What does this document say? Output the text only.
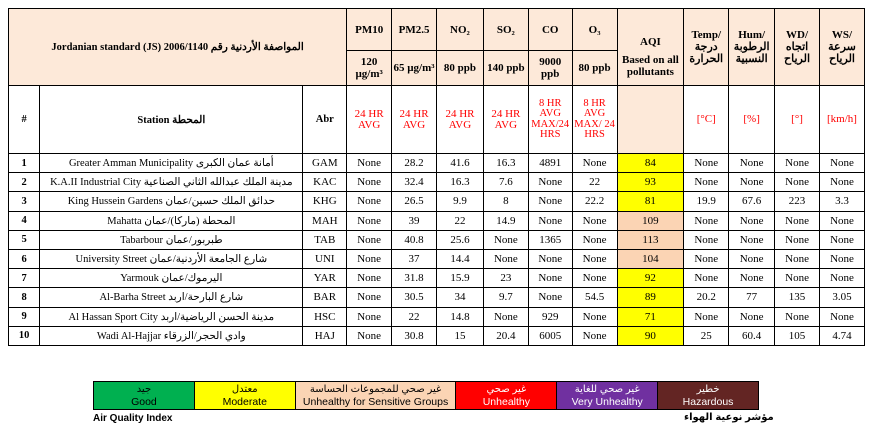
Jordanian standard (JS) 2006/1140 المواصفة الأردنية رقم			PM10	PM2.5	NO₂	SO₂	CO	O₃	AQI
Based on all pollutants	Temp/ درجة الحرارة	Hum/ الرطوبة النسبية	WD/ اتجاه الرياح	WS/ سرعة الرياح
			120 µg/m³	65 µg/m³	80 ppb	140 ppb	9000 ppb	80 ppb					
#	Station المحطة	Abr	24 HR AVG	24 HR AVG	24 HR AVG	24 HR AVG	8 HR AVG MAX/24 HRS	8 HR AVG MAX/ 24 HRS		[°C]	[%]	[°]	[km/h]
1	Greater Amman Municipality أمانة عمان الكبرى	GAM	None	28.2	41.6	16.3	4891	None	84	None	None	None	None
2	K.A.II Industrial City مدينة الملك عبدالله الثاني الصناعية	KAC	None	32.4	16.3	7.6	None	22	93	None	None	None	None
3	King Hussein Gardens حدائق الملك حسين/عمان	KHG	None	26.5	9.9	8	None	22.2	81	19.9	67.6	223	3.3
4	Mahatta المحطة (ماركا)/عمان	MAH	None	39	22	14.9	None	None	109	None	None	None	None
5	Tabarbour طبربور/عمان	TAB	None	40.8	25.6	None	1365	None	113	None	None	None	None
6	University Street شارع الجامعة الأردنية/عمان	UNI	None	37	14.4	None	None	None	104	None	None	None	None
7	Yarmouk اليرموك/عمان	YAR	None	31.8	15.9	23	None	None	92	None	None	None	None
8	Al-Barha Street شارع البارحة/اربد	BAR	None	30.5	34	9.7	None	54.5	89	20.2	77	135	3.05
9	Al Hassan Sport City مدينة الحسن الرياضية/اربد	HSC	None	22	14.8	None	929	None	71	None	None	None	None
10	Wadi Al-Hajjar وادي الحجر/الزرقاء	HAJ	None	30.8	15	20.4	6005	None	90	25	60.4	105	4.74
جيد
Good
معتدل
Moderate
غير صحي للمجموعات الحساسة
Unhealthy for Sensitive Groups
غير صحي
Unhealthy
غير صحي للغاية
Very Unhealthy
خطير
Hazardous
Air Quality Index	مؤشر نوعية الهواء
